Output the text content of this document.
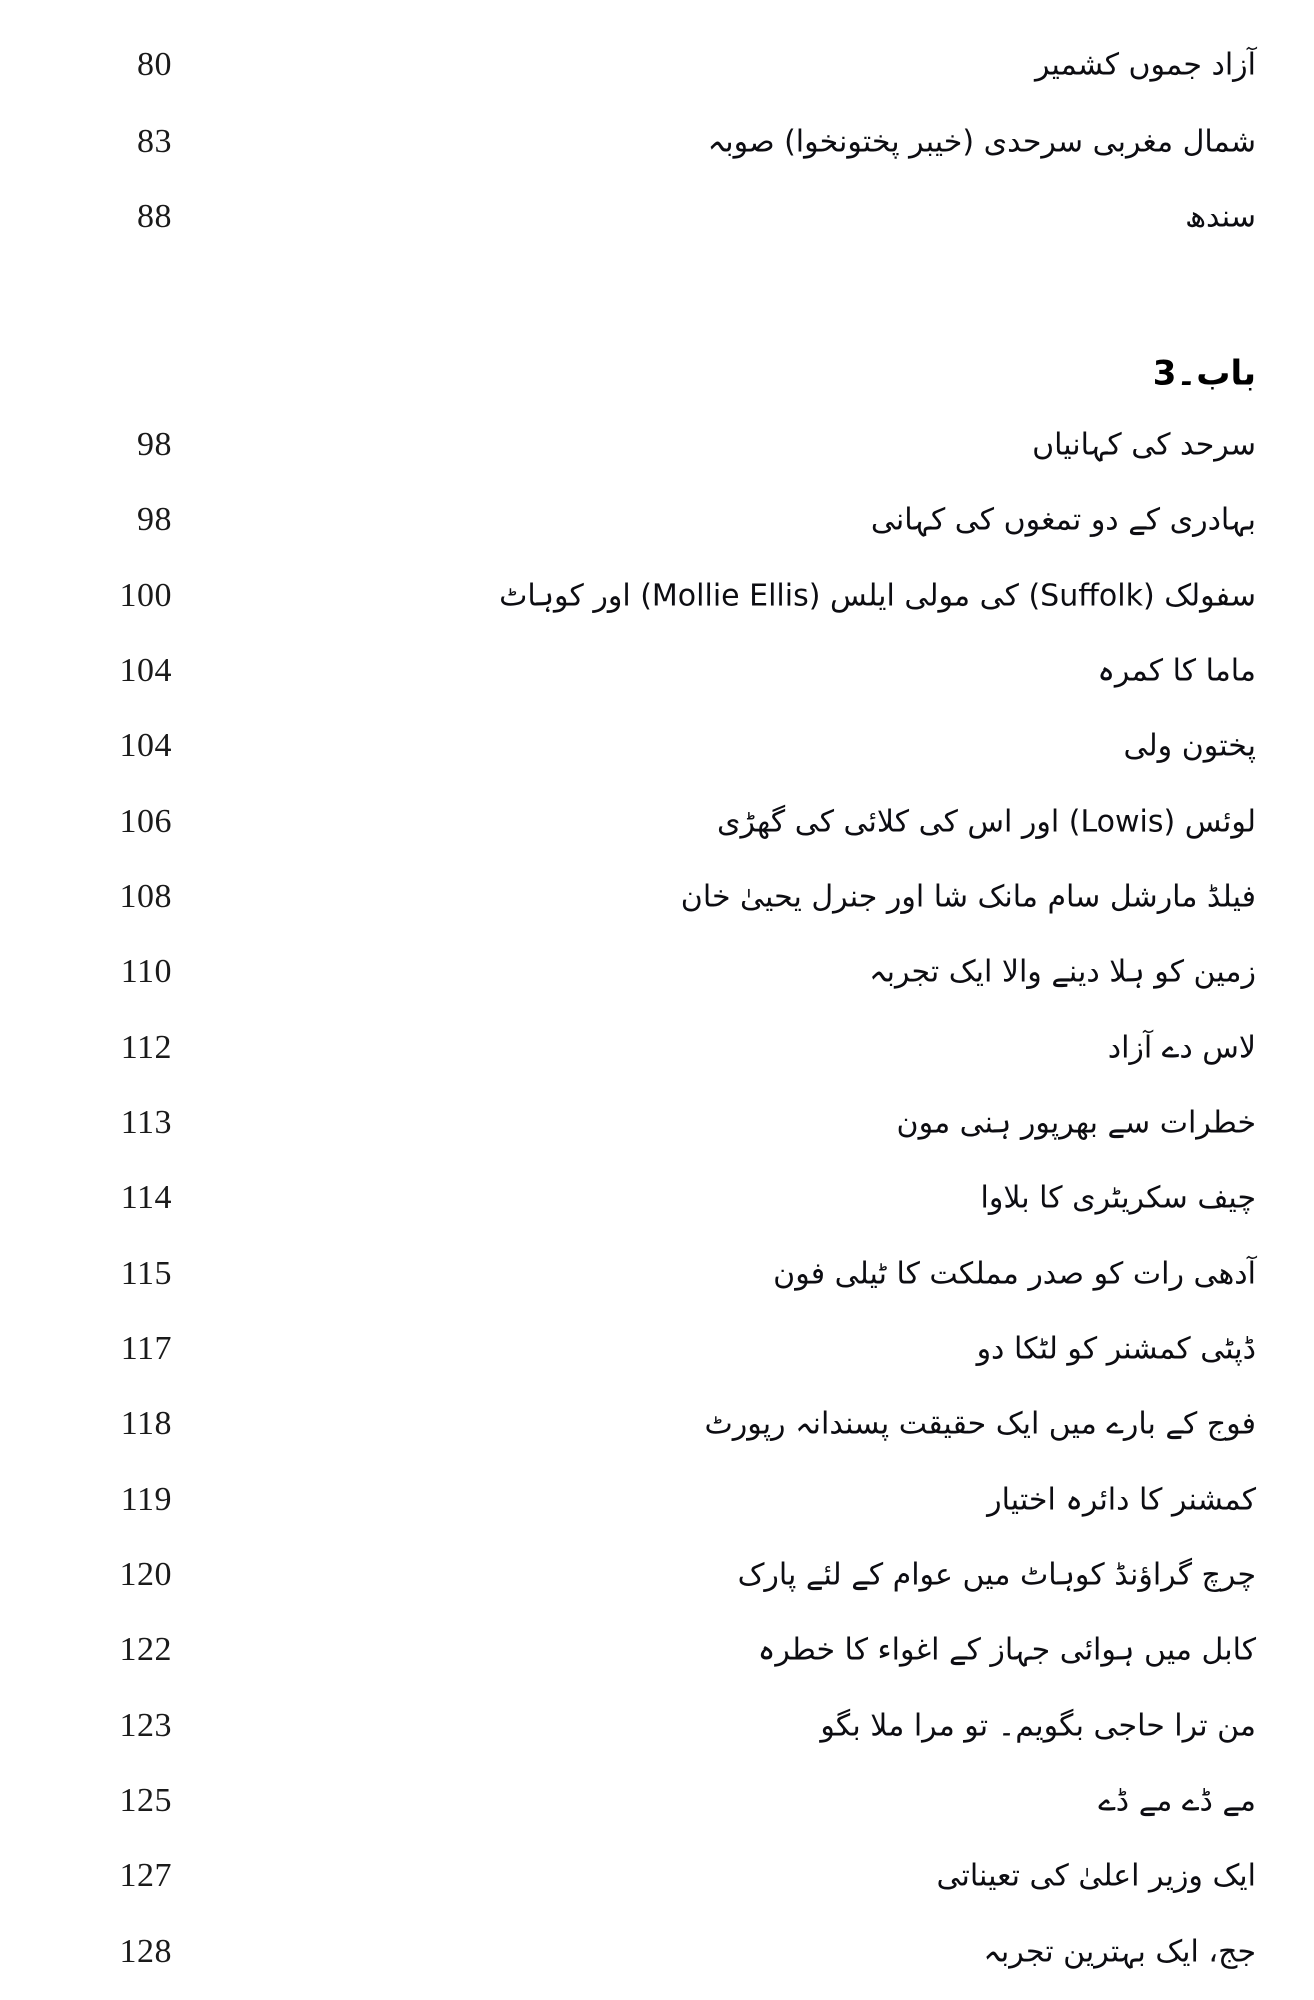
80	آزاد جموں کشمیر
83	شمال مغربی سرحدی (خیبر پختونخوا) صوبہ
88	سندھ
باب۔3
98	سرحد کی کہانیاں
98	بہادری کے دو تمغوں کی کہانی
100	سفولک (Suffolk) کی مولی ایلس (Mollie Ellis) اور کوہاٹ
104	ماما کا کمرہ
104	پختون ولی
106	لوئس (Lowis) اور اس کی کلائی کی گھڑی
108	فیلڈ مارشل سام مانک شا اور جنرل یحییٰ خان
110	زمین کو ہلا دینے والا ایک تجربہ
112	لاس دے آزاد
113	خطرات سے بھرپور ہنی مون
114	چیف سکریٹری کا بلاوا
115	آدھی رات کو صدر مملکت کا ٹیلی فون
117	ڈپٹی کمشنر کو لٹکا دو
118	فوج کے بارے میں ایک حقیقت پسندانہ رپورٹ
119	کمشنر کا دائرہ اختیار
120	چرچ گراؤنڈ کوہاٹ میں عوام کے لئے پارک
122	کابل میں ہوائی جہاز کے اغواء کا خطرہ
123	من ترا حاجی بگویم۔ تو مرا ملا بگو
125	مے ڈے مے ڈے
127	ایک وزیر اعلیٰ کی تعیناتی
128	جج، ایک بہترین تجربہ
